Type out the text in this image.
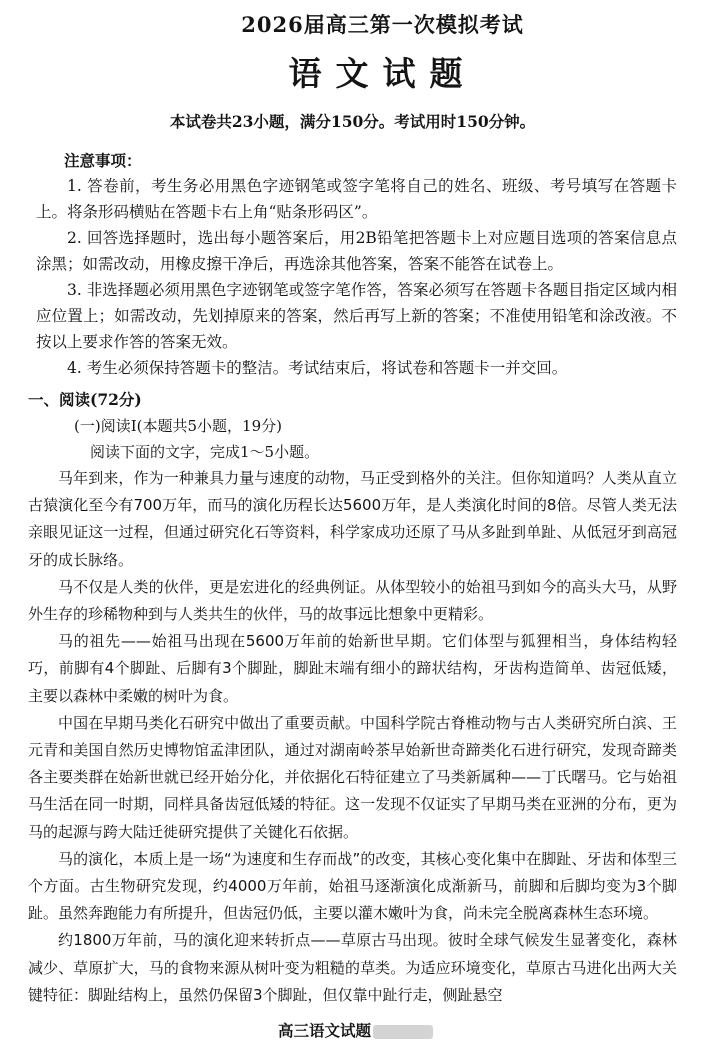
2026届高三第一次模拟考试
语文试题
本试卷共23小题，满分150分。考试用时150分钟。
注意事项：
1. 答卷前，考生务必用黑色字迹钢笔或签字笔将自己的姓名、班级、考号填写在答题卡上。将条形码横贴在答题卡右上角“贴条形码区”。
2. 回答选择题时，选出每小题答案后，用2B铅笔把答题卡上对应题目选项的答案信息点涂黑；如需改动，用橡皮擦干净后，再选涂其他答案，答案不能答在试卷上。
3. 非选择题必须用黑色字迹钢笔或签字笔作答，答案必须写在答题卡各题目指定区域内相应位置上；如需改动，先划掉原来的答案，然后再写上新的答案；不准使用铅笔和涂改液。不按以上要求作答的答案无效。
4. 考生必须保持答题卡的整洁。考试结束后，将试卷和答题卡一并交回。
一、阅读(72分)
(一)阅读Ⅰ(本题共5小题，19分)
阅读下面的文字，完成1～5小题。

马年到来，作为一种兼具力量与速度的动物，马正受到格外的关注。但你知道吗？人类从直立古猿演化至今有700万年，而马的演化历程长达5600万年，是人类演化时间的8倍。尽管人类无法亲眼见证这一过程，但通过研究化石等资料，科学家成功还原了马从多趾到单趾、从低冠牙到高冠牙的成长脉络。

马不仅是人类的伙伴，更是宏进化的经典例证。从体型较小的始祖马到如今的高头大马，从野外生存的珍稀物种到与人类共生的伙伴，马的故事远比想象中更精彩。

马的祖先——始祖马出现在5600万年前的始新世早期。它们体型与狐狸相当，身体结构轻巧，前脚有4个脚趾、后脚有3个脚趾，脚趾末端有细小的蹄状结构，牙齿构造简单、齿冠低矮，主要以森林中柔嫩的树叶为食。

中国在早期马类化石研究中做出了重要贡献。中国科学院古脊椎动物与古人类研究所白滨、王元青和美国自然历史博物馆孟津团队，通过对湖南岭茶早始新世奇蹄类化石进行研究，发现奇蹄类各主要类群在始新世就已经开始分化，并依据化石特征建立了马类新属种——丁氏曙马。它与始祖马生活在同一时期，同样具备齿冠低矮的特征。这一发现不仅证实了早期马类在亚洲的分布，更为马的起源与跨大陆迁徙研究提供了关键化石依据。

马的演化，本质上是一场“为速度和生存而战”的改变，其核心变化集中在脚趾、牙齿和体型三个方面。古生物研究发现，约4000万年前，始祖马逐渐演化成渐新马，前脚和后脚均变为3个脚趾。虽然奔跑能力有所提升，但齿冠仍低，主要以灌木嫩叶为食，尚未完全脱离森林生态环境。

约1800万年前，马的演化迎来转折点——草原古马出现。彼时全球气候发生显著变化，森林减少、草原扩大，马的食物来源从树叶变为粗糙的草类。为适应环境变化，草原古马进化出两大关键特征：脚趾结构上，虽然仍保留3个脚趾，但仅靠中趾行走，侧趾悬空

高三语文试题
